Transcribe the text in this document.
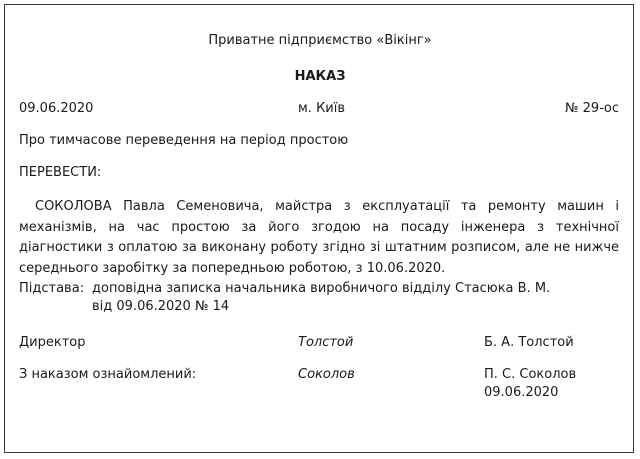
Приватне підприємство «Вікінг»
НАКАЗ
09.06.2020	м. Київ	№ 29-ос
Про тимчасове переведення на період простою
ПЕРЕВЕСТИ:
СОКОЛОВА Павла Семеновича, майстра з експлуатації та ремонту машин і механізмів, на час простою за його згодою на посаду інженера з технічної діагностики з оплатою за виконану роботу згідно зі штатним розписом, але не нижче середнього заробітку за попередньою роботою, з 10.06.2020.
Підстава: доповідна записка начальника виробничого відділу Стасюка В. М.
від 09.06.2020 № 14
Директор	Толстой	Б. А. Толстой
З наказом ознайомлений:	Соколов	П. С. Соколов
09.06.2020
